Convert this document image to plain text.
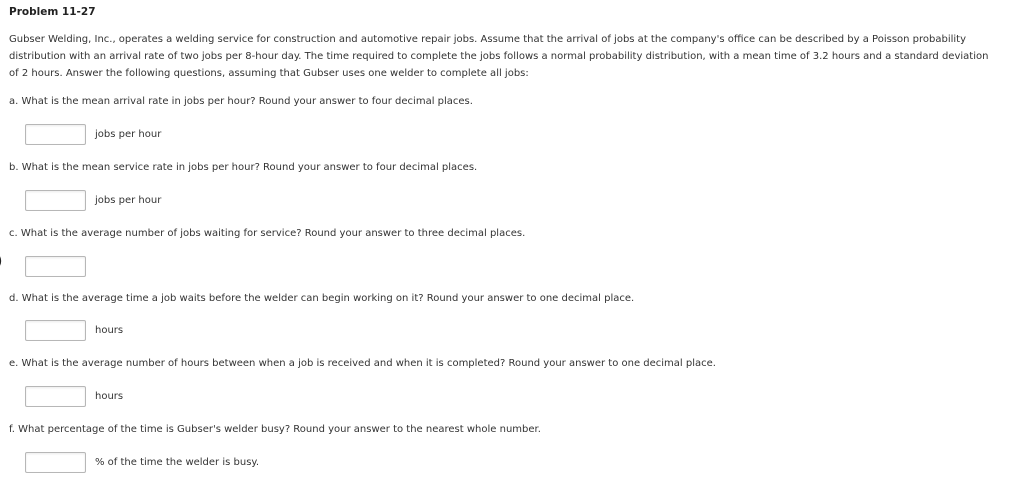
Problem 11-27
Gubser Welding, Inc., operates a welding service for construction and automotive repair jobs. Assume that the arrival of jobs at the company's office can be described by a Poisson probability
distribution with an arrival rate of two jobs per 8-hour day. The time required to complete the jobs follows a normal probability distribution, with a mean time of 3.2 hours and a standard deviation
of 2 hours. Answer the following questions, assuming that Gubser uses one welder to complete all jobs:
a. What is the mean arrival rate in jobs per hour? Round your answer to four decimal places.
jobs per hour
b. What is the mean service rate in jobs per hour? Round your answer to four decimal places.
jobs per hour
c. What is the average number of jobs waiting for service? Round your answer to three decimal places.
d. What is the average time a job waits before the welder can begin working on it? Round your answer to one decimal place.
hours
e. What is the average number of hours between when a job is received and when it is completed? Round your answer to one decimal place.
hours
f. What percentage of the time is Gubser's welder busy? Round your answer to the nearest whole number.
% of the time the welder is busy.
